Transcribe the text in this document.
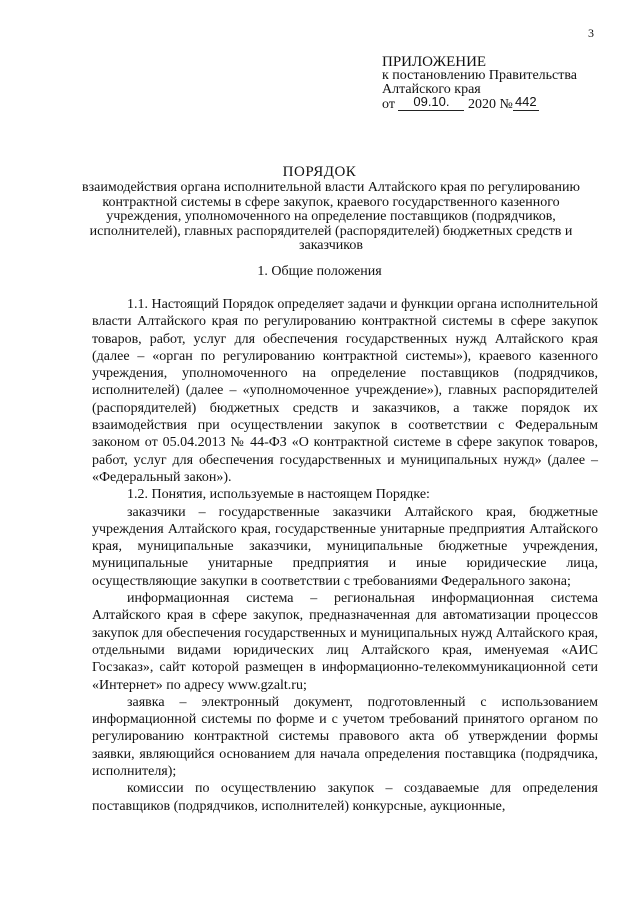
3
ПРИЛОЖЕНИЕ
к постановлению Правительства
Алтайского края
от 09.10. 2020 № 442
ПОРЯДОК
взаимодействия органа исполнительной власти Алтайского края по регулированию контрактной системы в сфере закупок, краевого государственного казенного учреждения, уполномоченного на определение поставщиков (подрядчиков, исполнителей), главных распорядителей (распорядителей) бюджетных средств и заказчиков
1. Общие положения

1.1. Настоящий Порядок определяет задачи и функции органа исполнительной власти Алтайского края по регулированию контрактной системы в сфере закупок товаров, работ, услуг для обеспечения государственных нужд Алтайского края (далее – «орган по регулированию контрактной системы»), краевого казенного учреждения, уполномоченного на определение поставщиков (подрядчиков, исполнителей) (далее – «уполномоченное учреждение»), главных распорядителей (распорядителей) бюджетных средств и заказчиков, а также порядок их взаимодействия при осуществлении закупок в соответствии с Федеральным законом от 05.04.2013 № 44-ФЗ «О контрактной системе в сфере закупок товаров, работ, услуг для обеспечения государственных и муниципальных нужд» (далее – «Федеральный закон»).

1.2. Понятия, используемые в настоящем Порядке:

заказчики – государственные заказчики Алтайского края, бюджетные учреждения Алтайского края, государственные унитарные предприятия Алтайского края, муниципальные заказчики, муниципальные бюджетные учреждения, муниципальные унитарные предприятия и иные юридические лица, осуществляющие закупки в соответствии с требованиями Федерального закона;

информационная система – региональная информационная система Алтайского края в сфере закупок, предназначенная для автоматизации процессов закупок для обеспечения государственных и муниципальных нужд Алтайского края, отдельными видами юридических лиц Алтайского края, именуемая «АИС Госзаказ», сайт которой размещен в информационно-телекоммуникационной сети «Интернет» по адресу www.gzalt.ru;

заявка – электронный документ, подготовленный с использованием информационной системы по форме и с учетом требований принятого органом по регулированию контрактной системы правового акта об утверждении формы заявки, являющийся основанием для начала определения поставщика (подрядчика, исполнителя);

комиссии по осуществлению закупок – создаваемые для определения поставщиков (подрядчиков, исполнителей) конкурсные, аукционные,
